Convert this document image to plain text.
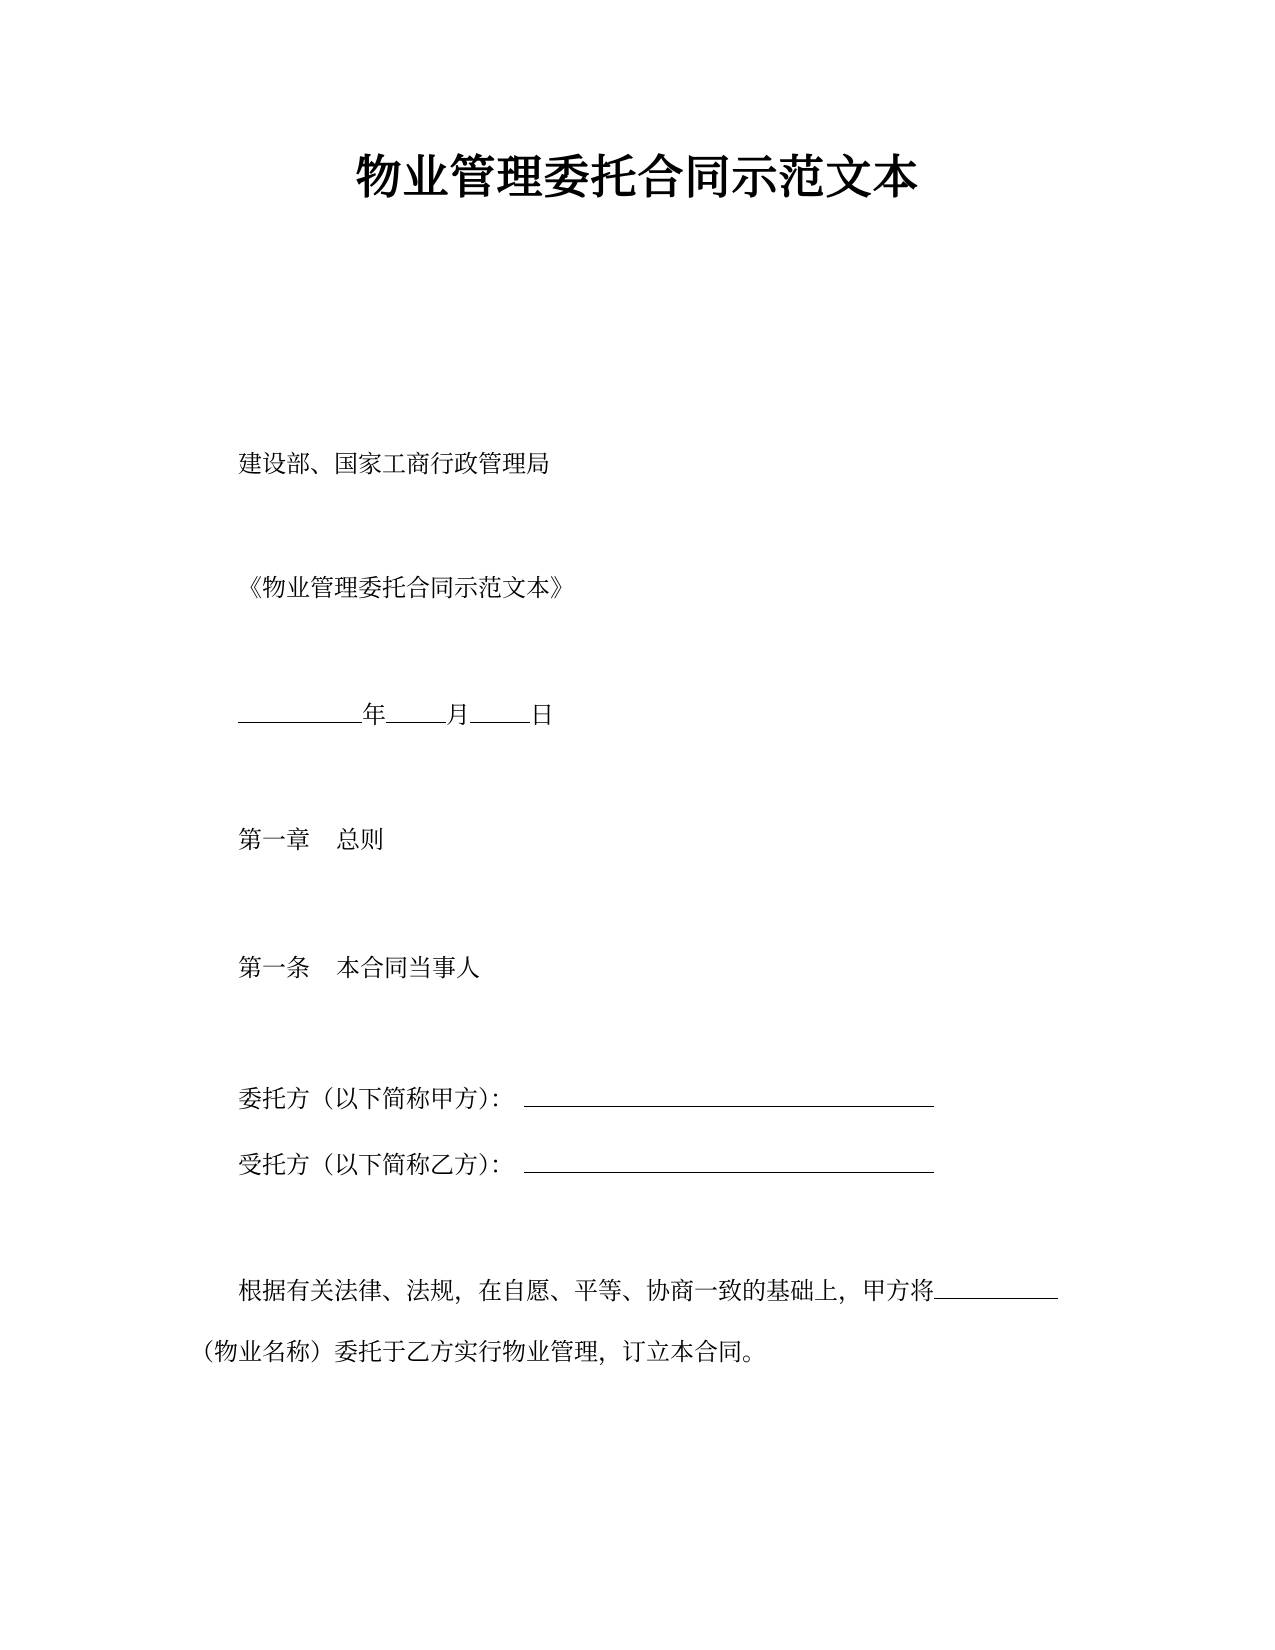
物业管理委托合同示范文本
建设部、国家工商行政管理局
《物业管理委托合同示范文本》
年	月	日
第一章 总则
第一条 本合同当事人
委托方（以下简称甲方）：
受托方（以下简称乙方）：
根据有关法律、法规，在自愿、平等、协商一致的基础上，甲方将
（物业名称）委托于乙方实行物业管理，订立本合同。
